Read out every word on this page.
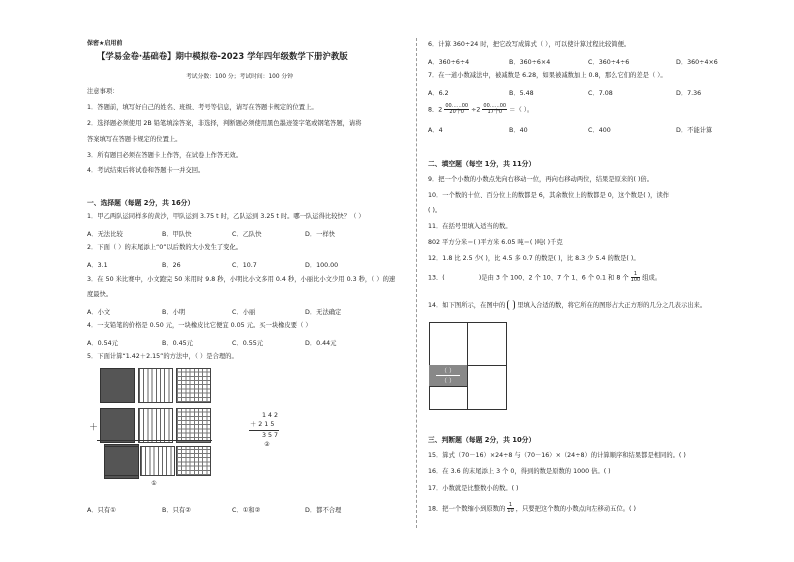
保密★启用前
【学易金卷·基础卷】期中模拟卷-2023 学年四年级数学下册沪教版
考试分数：100 分；考试时间：100 分钟
注意事项：
1．答题前，填写好自己的姓名、班级、考号等信息，请写在答题卡规定的位置上。
2．选择题必须使用 2B 铅笔填涂答案，非选择，判断题必须使用黑色墨迹签字笔或钢笔答题，请将
答案填写在答题卡规定的位置上。
3．所有题目必须在答题卡上作答，在试卷上作答无效。
4．考试结束后将试卷和答题卡一并交回。
一、选择题（每题 2分，共 16分）
1．甲乙两队运同样多的黄沙，甲队运到 3.75 t 时，乙队运到 3.25 t 时。哪一队运得比较快？（ ）
A．无法比较	B．甲队快	C．乙队快	D．一样快
2．下面（ ）的末尾添上“0”以后数的大小发生了变化。
A．3.1	B．26	C．10.7	D．100.00
3．在 50 米比赛中，小文跑完 50 米用时 9.8 秒，小明比小文多用 0.4 秒，小丽比小文少用 0.3 秒，（ ）的速
度最快。
A．小文	B．小明	C．小丽	D．无法确定
4．一支铅笔的价格是 0.50 元，一块橡皮比它便宜 0.05 元。买一块橡皮要（ ）
A．0.54元	B．0.45元	C．0.55元	D．0.44元
5．下面计算“1.42＋2.15”的方法中，（ ）是合理的。
＋
①
1 4 2
＋ 2 1 5
3 5 7
②
A．只有①	B．只有②	C．①和②	D．都不合理
6．计算 360÷24 时，把它改写成算式（ ），可以使计算过程比较简便。
A．360÷6÷4	B．360÷6×4	C．360÷4÷6	D．360÷4×6
7．在一道小数减法中，被减数是 6.28，如果被减数加上 0.8，那么它们的差是（ ）。
A．6.2	B．5.48	C．7.08	D．7.36
8．$2 \frac{00\dots\dots 00}{\text{20个0}} \div 2 \frac{00\dots\dots 00}{\text{17个0}}$ ＝（ ）。
A．4	B．40	C．400	D．不能计算
二、填空题（每空 1分，共 11分）
9．把一个小数的小数点先向右移动一位，再向右移动两位，结果是原来的( )倍。
10．一个数的十位、百分位上的数都是 6，其余数位上的数都是 0，这个数是( )，读作
( )。
11．在括号里填入适当的数。
802 平方分米＝( )平方米 6.05 吨＝( )吨( )千克
12．1.8 比 2.5 少( )，比 4.5 多 0.7 的数是( )，比 8.3 少 5.4 的数是( )。
13．(	)是由 3 个 100、2 个 10、7 个 1、6 个 0.1 和 8 个 $\frac{1}{100}$ 组成。
14．如下图所示，在图中的 里填入合适的数，将它所在的图形占大正方形的几分之几表示出来。
（ ）
（ ）
三、判断题（每题 2分，共 10分）
15．算式（70－16）×24÷8 与（70－16）×（24÷8）的计算顺序和结果都是相同的。( )
16．在 3.6 的末尾添上 3 个 0，得到的数是原数的 1000 倍。( )
17．小数就是比整数小的数。( )
18．把一个数缩小到原数的 $\frac{1}{10}$ ，只要把这个数的小数点向左移动五位。( )
